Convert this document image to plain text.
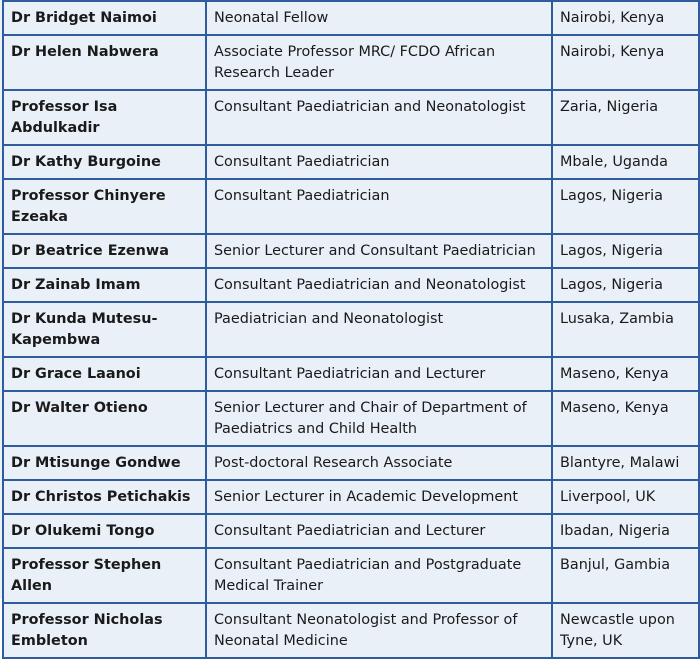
Dr Bridget Naimoi	Neonatal Fellow	Nairobi, Kenya
Dr Helen Nabwera	Associate Professor MRC/ FCDO African Research Leader	Nairobi, Kenya
Professor Isa Abdulkadir	Consultant Paediatrician and Neonatologist	Zaria, Nigeria
Dr Kathy Burgoine	Consultant Paediatrician	Mbale, Uganda
Professor Chinyere Ezeaka	Consultant Paediatrician	Lagos, Nigeria
Dr Beatrice Ezenwa	Senior Lecturer and Consultant Paediatrician	Lagos, Nigeria
Dr Zainab Imam	Consultant Paediatrician and Neonatologist	Lagos, Nigeria
Dr Kunda Mutesu-Kapembwa	Paediatrician and Neonatologist	Lusaka, Zambia
Dr Grace Laanoi	Consultant Paediatrician and Lecturer	Maseno, Kenya
Dr Walter Otieno	Senior Lecturer and Chair of Department of Paediatrics and Child Health	Maseno, Kenya
Dr Mtisunge Gondwe	Post-doctoral Research Associate	Blantyre, Malawi
Dr Christos Petichakis	Senior Lecturer in Academic Development	Liverpool, UK
Dr Olukemi Tongo	Consultant Paediatrician and Lecturer	Ibadan, Nigeria
Professor Stephen Allen	Consultant Paediatrician and Postgraduate Medical Trainer	Banjul, Gambia
Professor Nicholas Embleton	Consultant Neonatologist and Professor of Neonatal Medicine	Newcastle upon Tyne, UK
